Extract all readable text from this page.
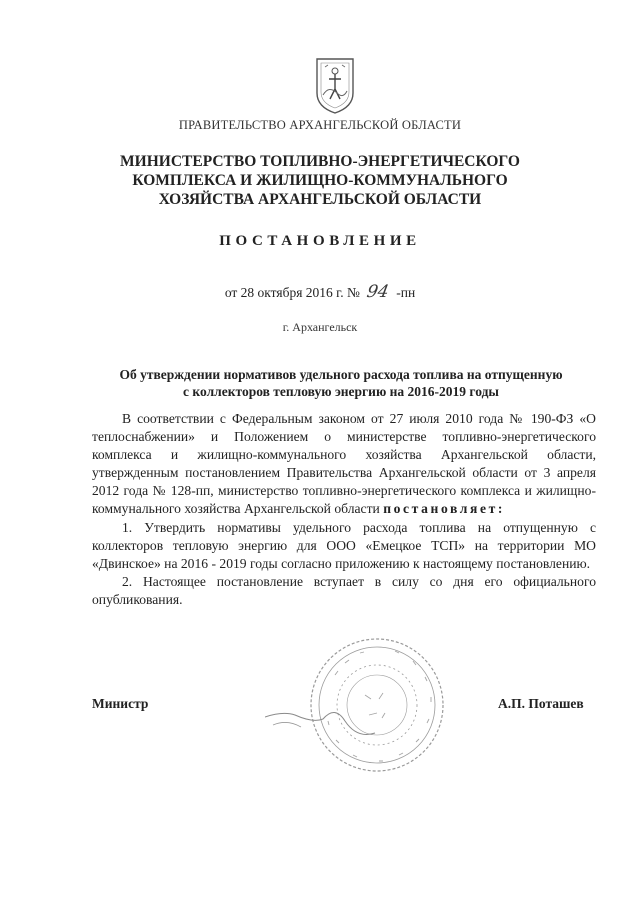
ПРАВИТЕЛЬСТВО АРХАНГЕЛЬСКОЙ ОБЛАСТИ
МИНИСТЕРСТВО ТОПЛИВНО-ЭНЕРГЕТИЧЕСКОГО
КОМПЛЕКСА И ЖИЛИЩНО-КОММУНАЛЬНОГО
ХОЗЯЙСТВА АРХАНГЕЛЬСКОЙ ОБЛАСТИ
ПОСТАНОВЛЕНИЕ
от 28 октября 2016 г. № 94 -пн
г. Архангельск
Об утверждении нормативов удельного расхода топлива на отпущенную
с коллекторов тепловую энергию на 2016-2019 годы

В соответствии с Федеральным законом от 27 июля 2010 года № 190-ФЗ «О теплоснабжении» и Положением о министерстве топливно-энергетического комплекса и жилищно-коммунального хозяйства Архангельской области, утвержденным постановлением Правительства Архангельской области от 3 апреля 2012 года № 128-пп, министерство топливно-энергетического комплекса и жилищно-коммунального хозяйства Архангельской области постановляет:

1. Утвердить нормативы удельного расхода топлива на отпущенную с коллекторов тепловую энергию для ООО «Емецкое ТСП» на территории МО «Двинское» на 2016 - 2019 годы согласно приложению к настоящему постановлению.

2. Настоящее постановление вступает в силу со дня его официального опубликования.

Министр	А.П. Поташев
